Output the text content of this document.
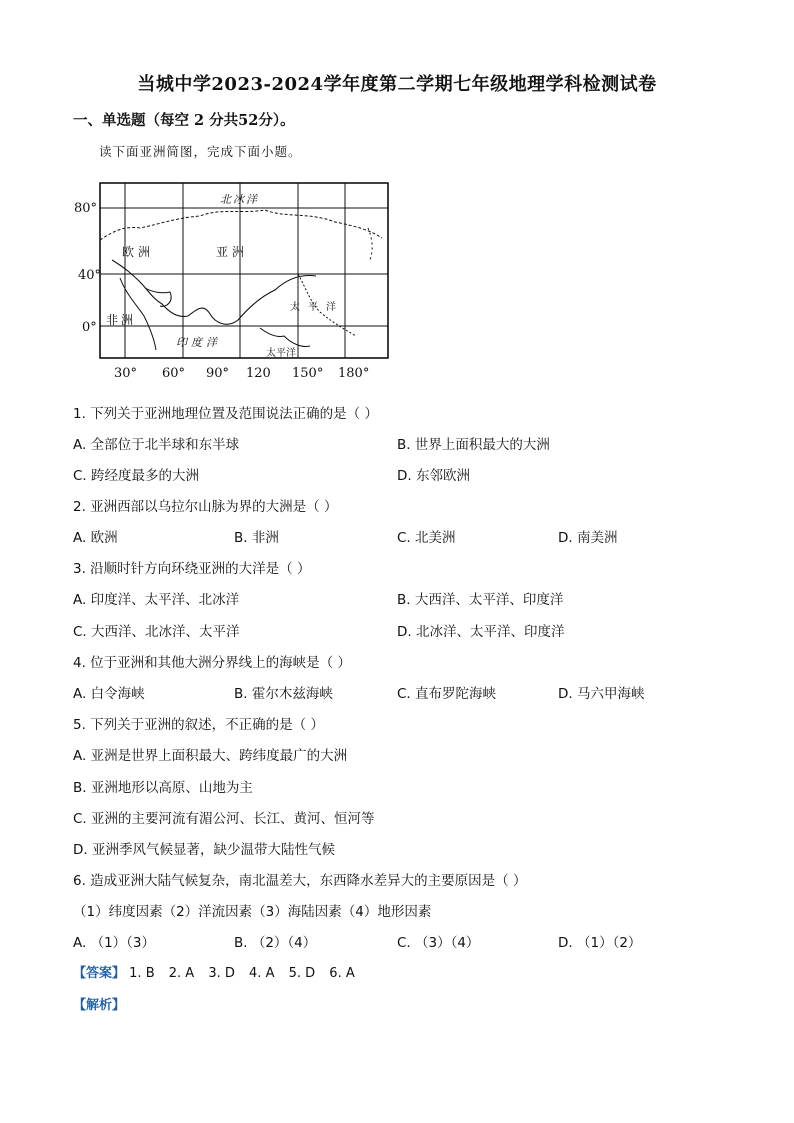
当城中学2023-2024学年度第二学期七年级地理学科检测试卷
一、单选题（每空 2 分共52分）。
读下面亚洲简图，完成下面小题。
80°
40°
0°
30° 60° 90° 120 150° 180°
北冰洋
欧洲	亚洲
太平洋
非洲
印度洋
太平洋
1. 下列关于亚洲地理位置及范围说法正确的是（ ）
A. 全部位于北半球和东半球	B. 世界上面积最大的大洲
C. 跨经度最多的大洲	D. 东邻欧洲
2. 亚洲西部以乌拉尔山脉为界的大洲是（ ）
A. 欧洲	B. 非洲	C. 北美洲	D. 南美洲
3. 沿顺时针方向环绕亚洲的大洋是（ ）
A. 印度洋、太平洋、北冰洋	B. 大西洋、太平洋、印度洋
C. 大西洋、北冰洋、太平洋	D. 北冰洋、太平洋、印度洋
4. 位于亚洲和其他大洲分界线上的海峡是（ ）
A. 白令海峡	B. 霍尔木兹海峡	C. 直布罗陀海峡	D. 马六甲海峡
5. 下列关于亚洲的叙述，不正确的是（ ）
A. 亚洲是世界上面积最大、跨纬度最广的大洲
B. 亚洲地形以高原、山地为主
C. 亚洲的主要河流有湄公河、长江、黄河、恒河等
D. 亚洲季风气候显著，缺少温带大陆性气候
6. 造成亚洲大陆气候复杂，南北温差大，东西降水差异大的主要原因是（ ）
（1）纬度因素（2）洋流因素（3）海陆因素（4）地形因素
A. （1）（3）	B. （2）（4）	C. （3）（4）	D. （1）（2）
【答案】 1. B 2. A 3. D 4. A 5. D 6. A
【解析】
